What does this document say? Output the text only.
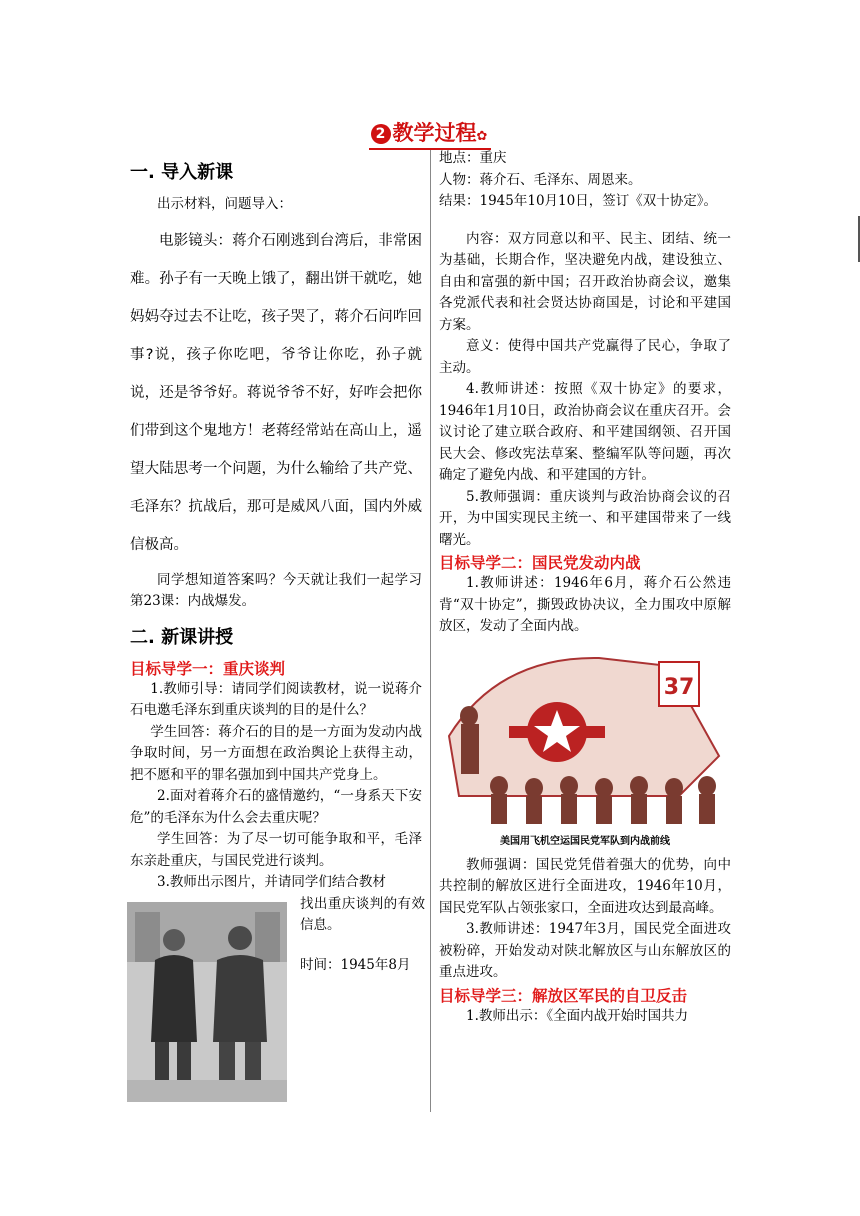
2 教学过程✿
一. 导入新课

出示材料，问题导入：

电影镜头：蒋介石刚逃到台湾后，非常困难。孙子有一天晚上饿了，翻出饼干就吃，她妈妈夺过去不让吃，孩子哭了，蒋介石问咋回事?说，孩子你吃吧，爷爷让你吃，孙子就说，还是爷爷好。蒋说爷爷不好，好咋会把你们带到这个鬼地方！老蒋经常站在高山上，遥望大陆思考一个问题，为什么输给了共产党、毛泽东？抗战后，那可是威风八面，国内外威信极高。

同学想知道答案吗？今天就让我们一起学习第23课：内战爆发。

二. 新课讲授
目标导学一：重庆谈判

1.教师引导：请同学们阅读教材，说一说蒋介石电邀毛泽东到重庆谈判的目的是什么？

学生回答：蒋介石的目的是一方面为发动内战争取时间，另一方面想在政治舆论上获得主动，把不愿和平的罪名强加到中国共产党身上。

2.面对着蒋介石的盛情邀约，“一身系天下安危”的毛泽东为什么会去重庆呢？

学生回答：为了尽一切可能争取和平，毛泽东亲赴重庆，与国民党进行谈判。

3.教师出示图片，并请同学们结合教材

找出重庆谈判的有效信息。

时间：1945年8月

地点：重庆

人物：蒋介石、毛泽东、周恩来。

结果：1945年10月10日，签订《双十协定》。

内容：双方同意以和平、民主、团结、统一为基础，长期合作，坚决避免内战，建设独立、自由和富强的新中国；召开政治协商会议，邀集各党派代表和社会贤达协商国是，讨论和平建国方案。

意义：使得中国共产党赢得了民心，争取了主动。

4.教师讲述：按照《双十协定》的要求，1946年1月10日，政治协商会议在重庆召开。会议讨论了建立联合政府、和平建国纲领、召开国民大会、修改宪法草案、整编军队等问题，再次确定了避免内战、和平建国的方针。

5.教师强调：重庆谈判与政治协商会议的召开，为中国实现民主统一、和平建国带来了一线曙光。

目标导学二：国民党发动内战

1.教师讲述：1946年6月，蒋介石公然违背“双十协定”，撕毁政协决议，全力围攻中原解放区，发动了全面内战。

37
美国用飞机空运国民党军队到内战前线

教师强调：国民党凭借着强大的优势，向中共控制的解放区进行全面进攻，1946年10月，国民党军队占领张家口，全面进攻达到最高峰。

3.教师讲述：1947年3月，国民党全面进攻被粉碎，开始发动对陕北解放区与山东解放区的重点进攻。

目标导学三：解放区军民的自卫反击

1.教师出示：《全面内战开始时国共力
